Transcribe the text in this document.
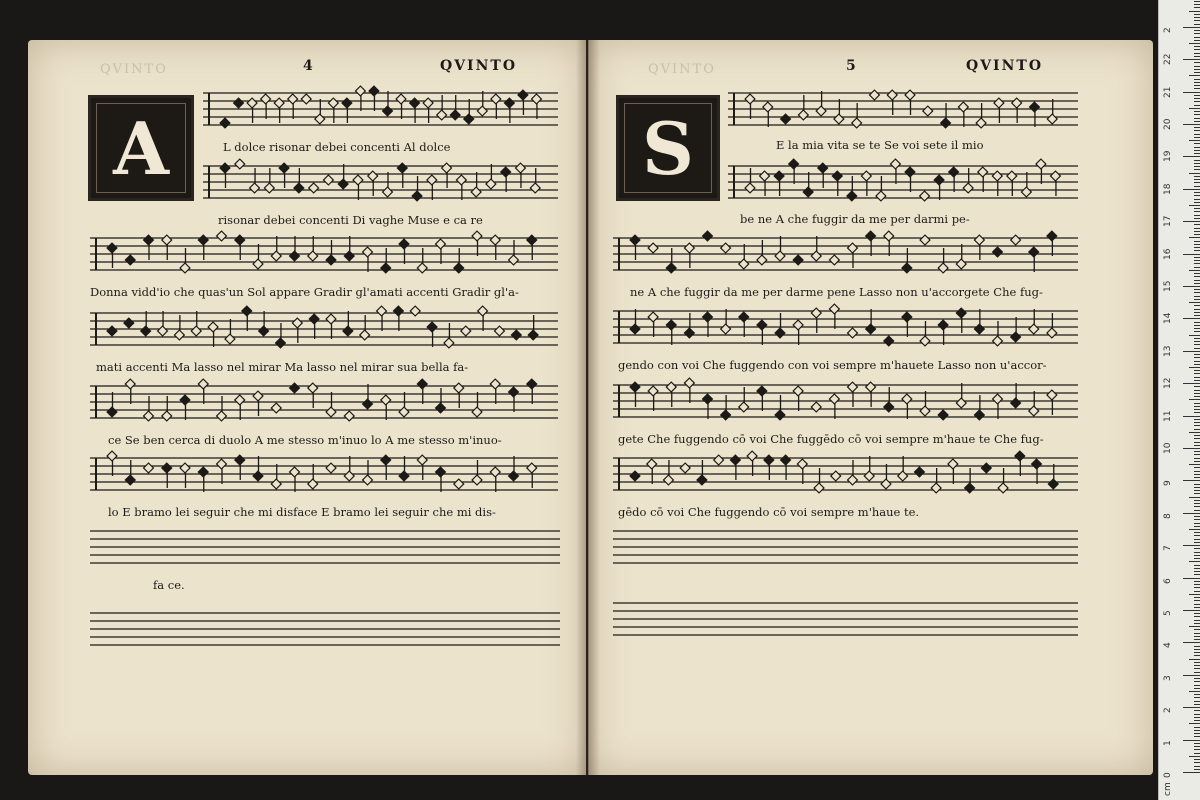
QVINTO	4	QVINTO
A	L dolce risonar debei concenti Al dolce
risonar debei concenti Di vaghe Muse e ca re
Donna vidd'io che quas'un Sol appare Gradir gl'amati accenti Gradir gl'a-
mati accenti Ma lasso nel mirar Ma lasso nel mirar sua bella fa-
ce Se ben cerca di duolo A me stesso m'inuo lo A me stesso m'inuo-
lo E bramo lei seguir che mi disface E bramo lei seguir che mi dis-
fa ce.
QVINTO	5	QVINTO
S	E la mia vita se te Se voi sete il mio
be ne A che fuggir da me per darmi pe-
ne A che fuggir da me per darme pene Lasso non u'accorgete Che fug-
gendo con voi Che fuggendo con voi sempre m'hauete Lasso non u'accor-
gete Che fuggendo cō voi Che fuggēdo cō voi sempre m'haue te Che fug-
gēdo cō voi Che fuggendo cō voi sempre m'haue te.
0
1
2
3
4
5
6
7
8
9
10
11
12
13
14
15
16
17
18
19
20
21
22
2
cm
